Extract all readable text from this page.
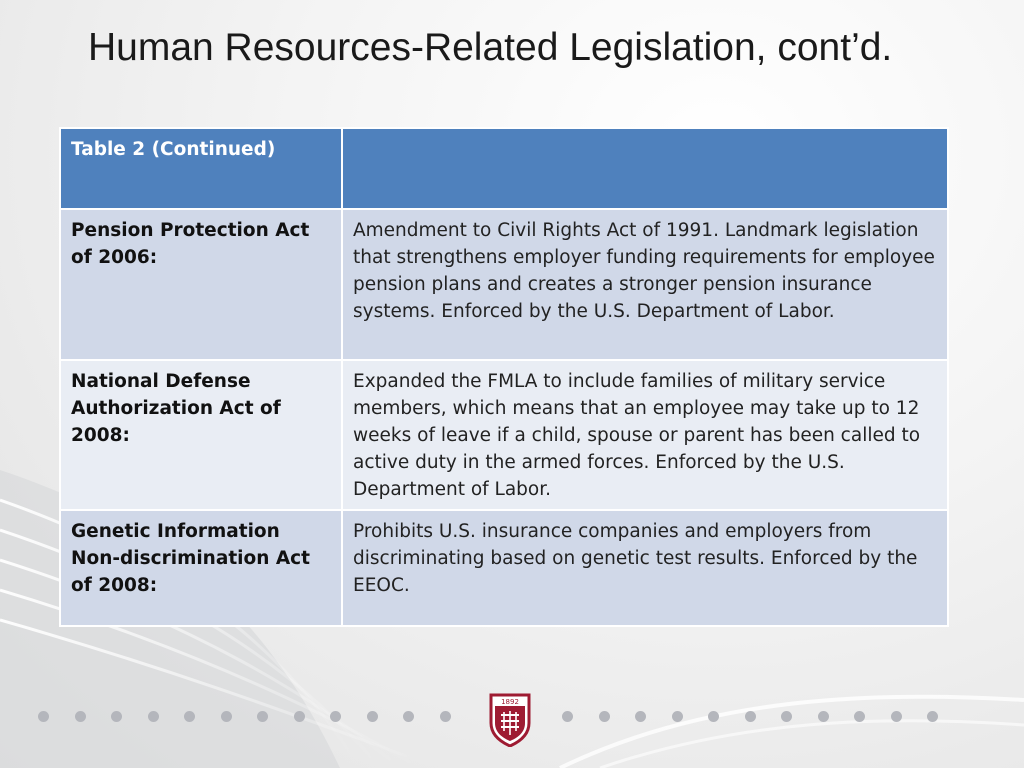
Human Resources-Related Legislation, cont’d.
Table 2 (Continued)	
Pension Protection Act of 2006:	Amendment to Civil Rights Act of 1991. Landmark legislation that strengthens employer funding requirements for employee pension plans and creates a stronger pension insurance systems. Enforced by the U.S. Department of Labor.
National Defense Authorization Act of 2008:	Expanded the FMLA to include families of military service members, which means that an employee may take up to 12 weeks of leave if a child, spouse or parent has been called to active duty in the armed forces. Enforced by the U.S. Department of Labor.
Genetic Information Non-discrimination Act of 2008:	Prohibits U.S. insurance companies and employers from discriminating based on genetic test results. Enforced by the EEOC.
1892
